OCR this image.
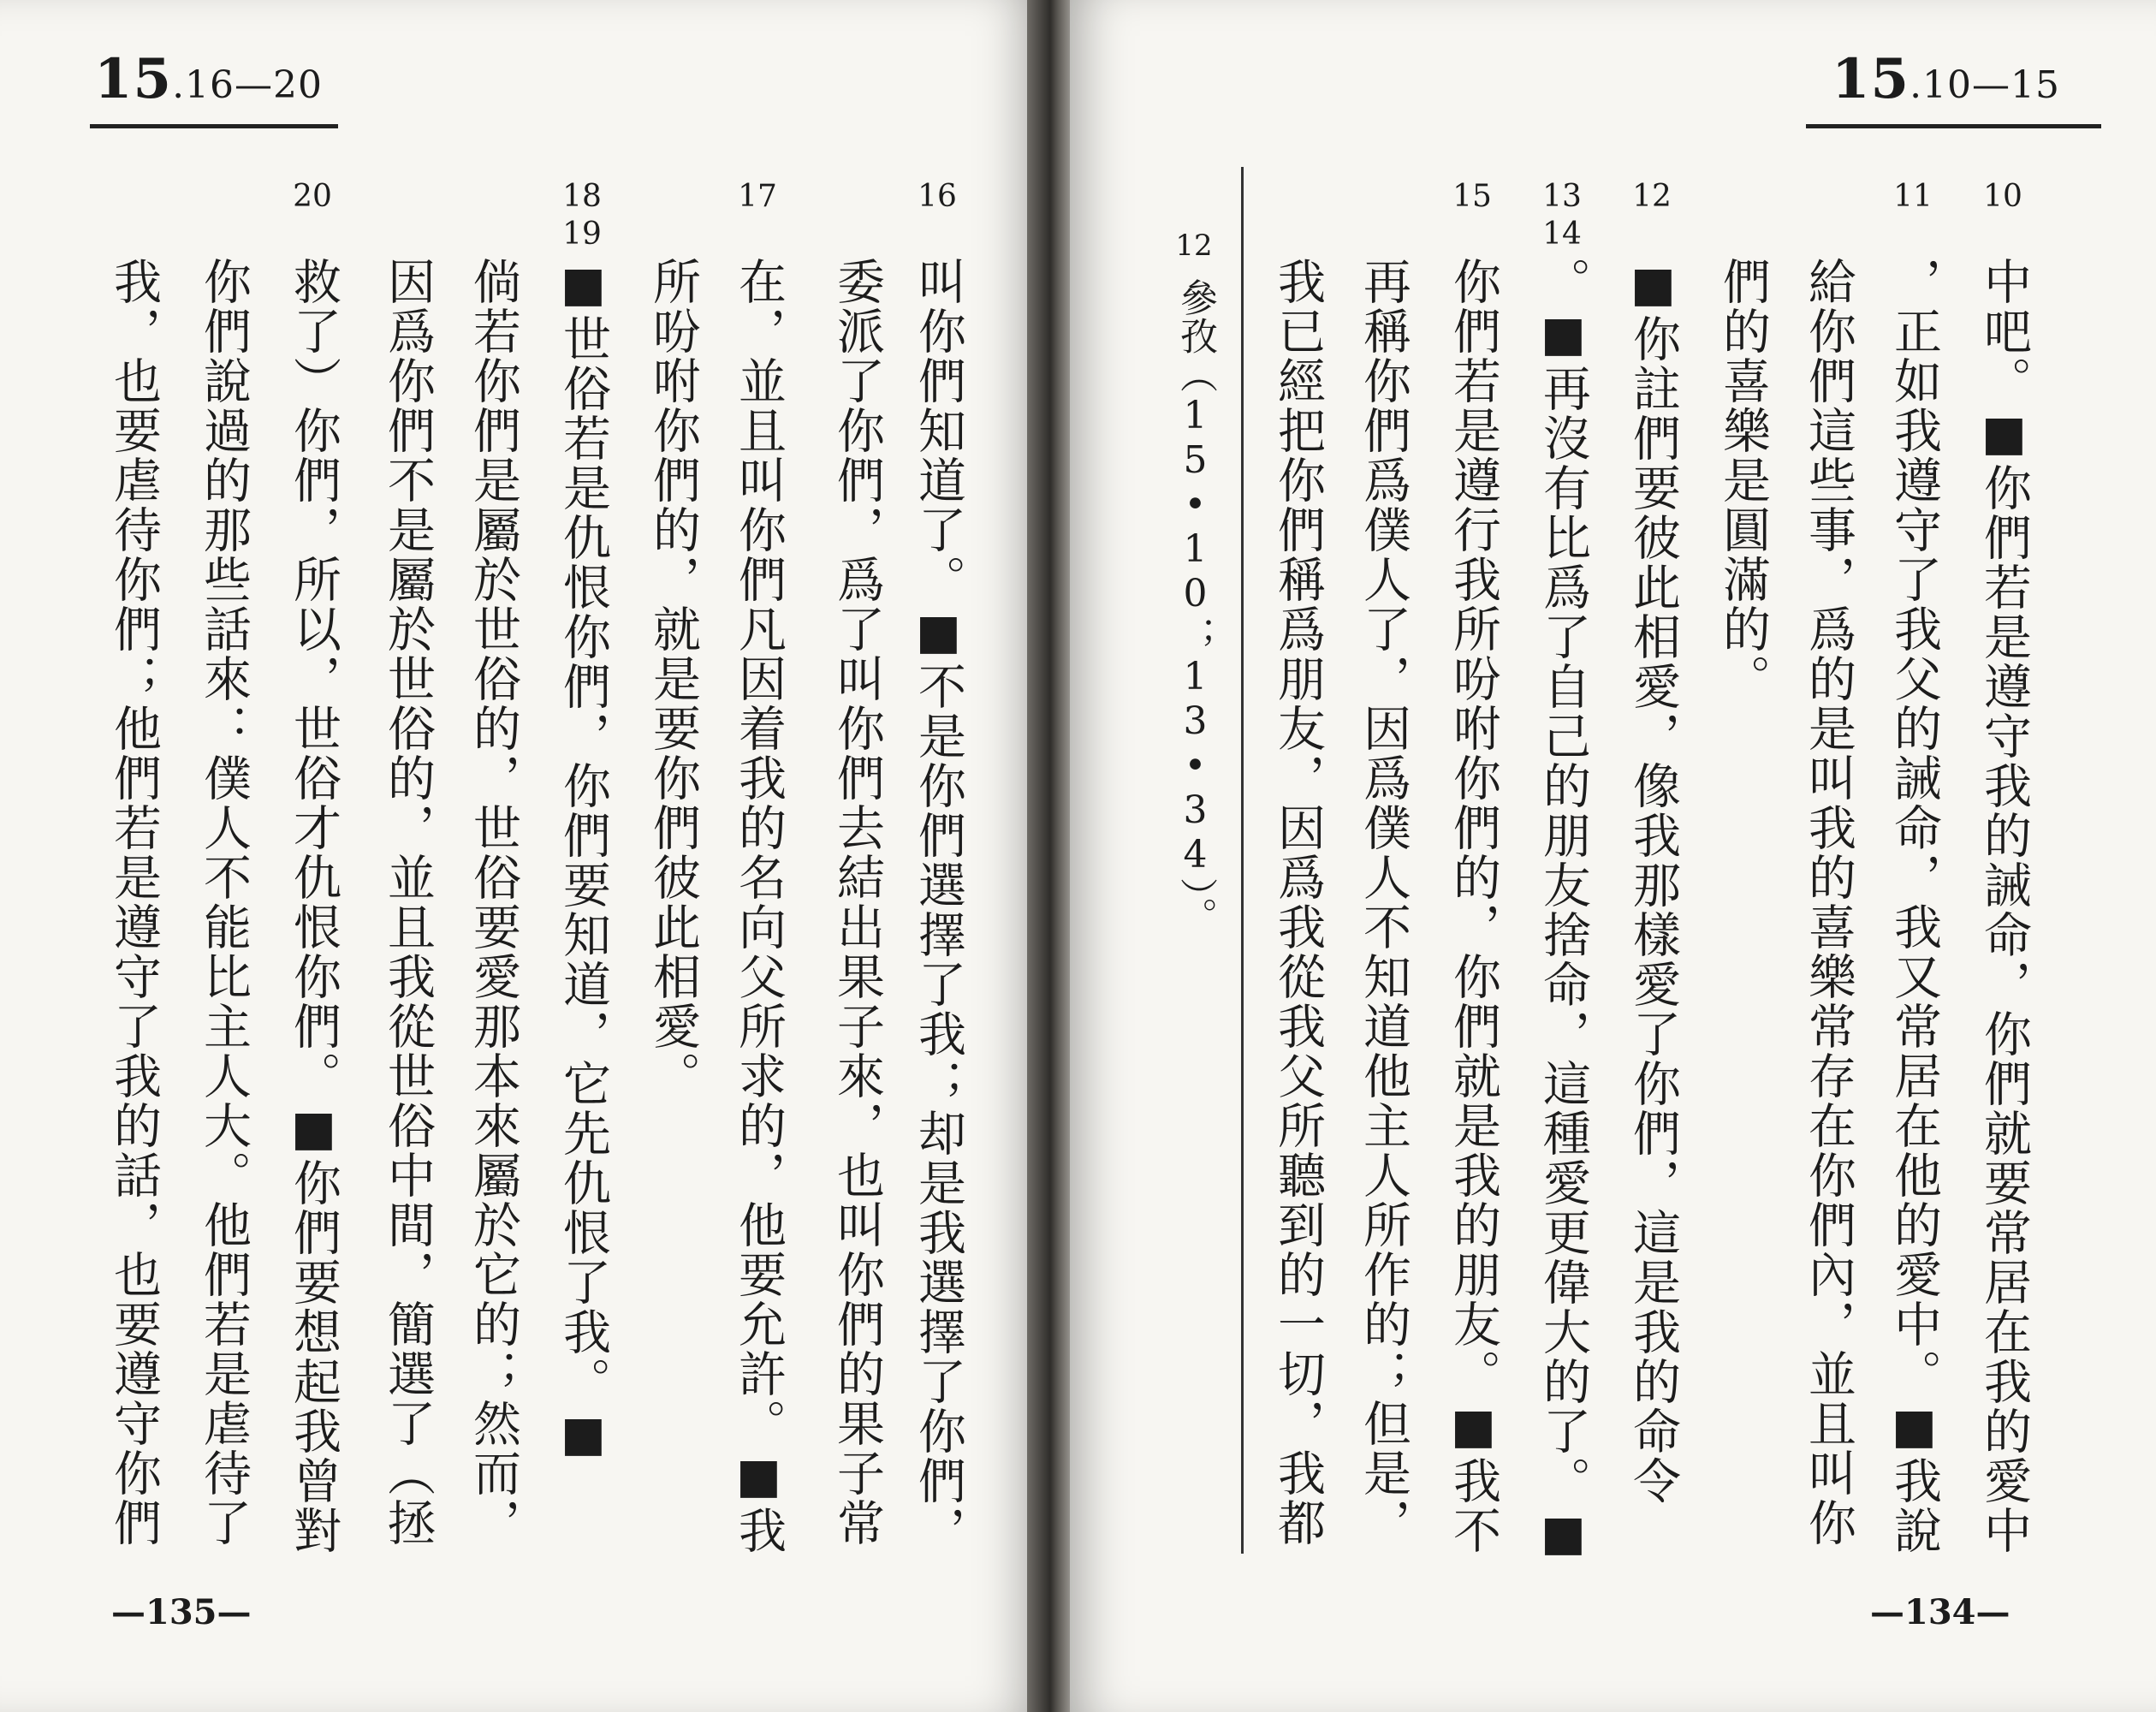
15.16—20
16
叫你們知道了。■不是你們選擇了我；却是我選擇了你們，
委派了你們，爲了叫你們去結出果子來，也叫你們的果子常
17
在，並且叫你們凡因着我的名向父所求的，他要允許。■我
所吩咐你們的，就是要你們彼此相愛。
18
19
■世俗若是仇恨你們，你們要知道，它先仇恨了我。■
倘若你們是屬於世俗的，世俗要愛那本來屬於它的；然而，
因爲你們不是屬於世俗的，並且我從世俗中間，簡選了（拯
20
救了）你們，所以，世俗才仇恨你們。■你們要想起我曾對
你們說過的那些話來：僕人不能比主人大。他們若是虐待了
我，也要虐待你們；他們若是遵守了我的話，也要遵守你們
—135—
15.10—15
10
中吧。■你們若是遵守我的誡命，你們就要常居在我的愛中
11
，正如我遵守了我父的誡命，我又常居在他的愛中。■我說
給你們這些事，爲的是叫我的喜樂常存在你們內，並且叫你
們的喜樂是圓滿的。
12
■你註們要彼此相愛，像我那樣愛了你們，這是我的命令
13
14
。■再沒有比爲了自己的朋友捨命，這種愛更偉大的了。■
15
你們若是遵行我所吩咐你們的，你們就是我的朋友。■我不
再稱你們爲僕人了，因爲僕人不知道他主人所作的；但是，
我已經把你們稱爲朋友，因爲我從我父所聽到的一切，我都
12
參孜（15•10；13•34）。
—134—
